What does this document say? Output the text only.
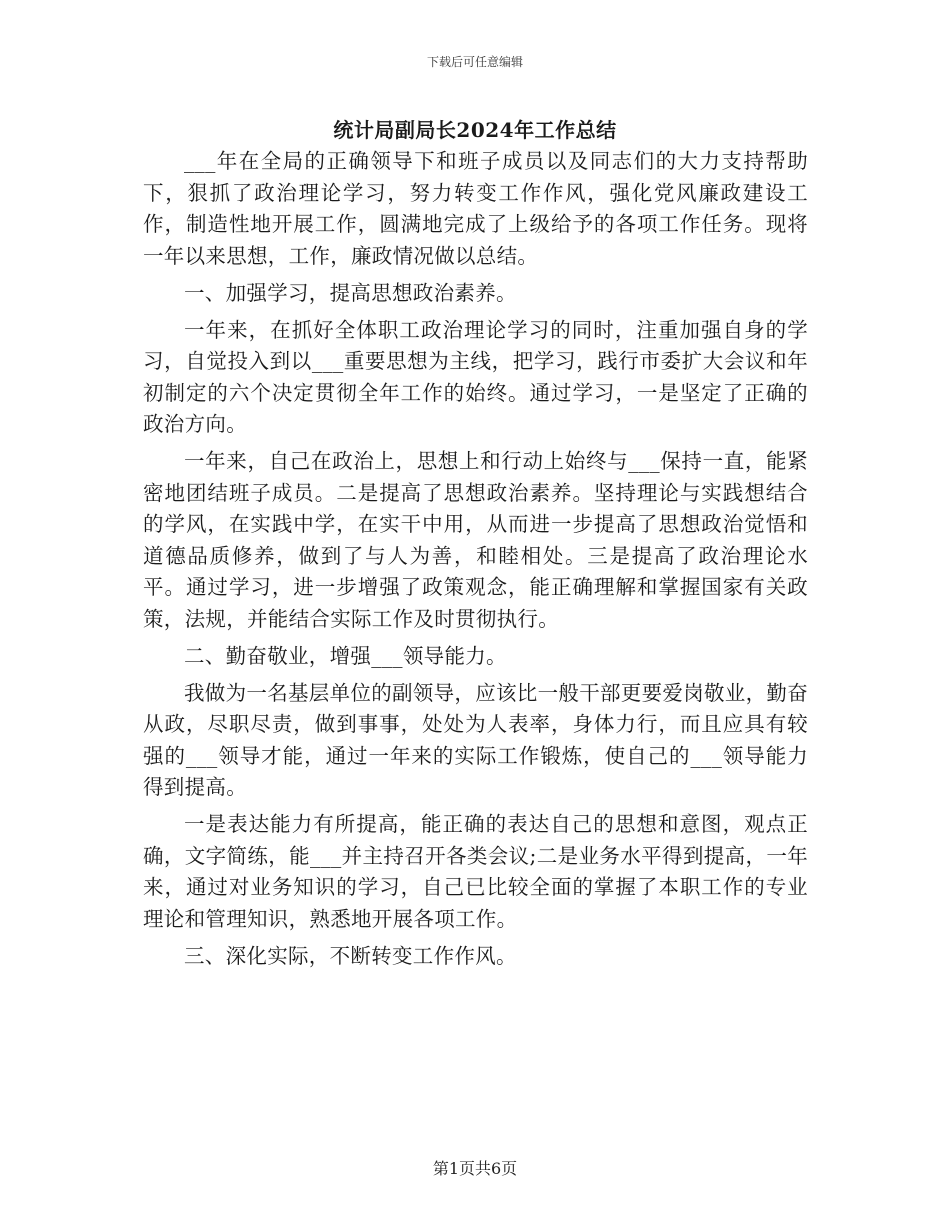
下载后可任意编辑
统计局副局长2024年工作总结

___年在全局的正确领导下和班子成员以及同志们的大力支持帮助下，狠抓了政治理论学习，努力转变工作作风，强化党风廉政建设工作，制造性地开展工作，圆满地完成了上级给予的各项工作任务。现将一年以来思想，工作，廉政情况做以总结。

一、加强学习，提高思想政治素养。

一年来，在抓好全体职工政治理论学习的同时，注重加强自身的学习，自觉投入到以___重要思想为主线，把学习，践行市委扩大会议和年初制定的六个决定贯彻全年工作的始终。通过学习，一是坚定了正确的政治方向。

一年来，自己在政治上，思想上和行动上始终与___保持一直，能紧密地团结班子成员。二是提高了思想政治素养。坚持理论与实践想结合的学风，在实践中学，在实干中用，从而进一步提高了思想政治觉悟和道德品质修养，做到了与人为善，和睦相处。三是提高了政治理论水平。通过学习，进一步增强了政策观念，能正确理解和掌握国家有关政策，法规，并能结合实际工作及时贯彻执行。

二、勤奋敬业，增强___领导能力。

我做为一名基层单位的副领导，应该比一般干部更要爱岗敬业，勤奋从政，尽职尽责，做到事事，处处为人表率，身体力行，而且应具有较强的___领导才能，通过一年来的实际工作锻炼，使自己的___领导能力得到提高。

一是表达能力有所提高，能正确的表达自己的思想和意图，观点正确，文字简练，能___并主持召开各类会议;二是业务水平得到提高，一年来，通过对业务知识的学习，自己已比较全面的掌握了本职工作的专业理论和管理知识，熟悉地开展各项工作。

三、深化实际，不断转变工作作风。

第1页共6页
